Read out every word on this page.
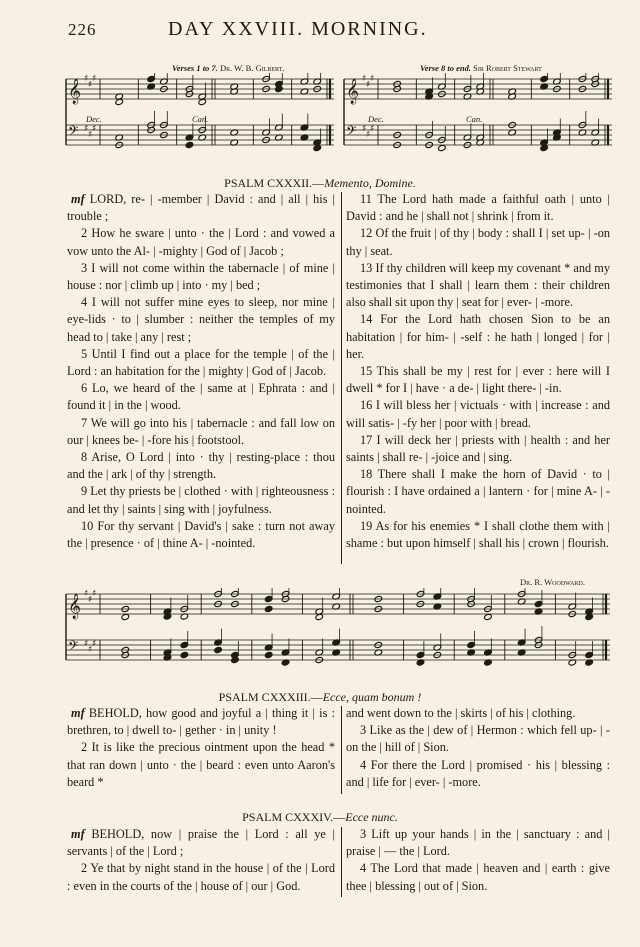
226	DAY XXVIII. MORNING.
Verses 1 to 7. Dr. W. B. Gilbert.
𝄞 ♯
♯
♯
𝄢 ♯
♯
♯
Dec.	Can.
Verse 8 to end. Sir Robert Stewart
𝄞 ♯
♯
♯
𝄢 ♯
♯
♯
Dec.	Can.
PSALM CXXXII.—Memento, Domine.

mf LORD, re- | -member | David : and | all | his | trouble ;

2 How he sware | unto · the | Lord : and vowed a vow unto the Al- | -mighty | God of | Jacob ;

3 I will not come within the tabernacle | of mine | house : nor | climb up | into · my | bed ;

4 I will not suffer mine eyes to sleep, nor mine | eye-lids · to | slumber : neither the temples of my head to | take | any | rest ;

5 Until I find out a place for the temple | of the | Lord : an habitation for the | mighty | God of | Jacob.

6 Lo, we heard of the | same at | Ephrata : and | found it | in the | wood.

7 We will go into his | tabernacle : and fall low on our | knees be- | -fore his | footstool.

8 Arise, O Lord | into · thy | resting-place : thou and the | ark | of thy | strength.

9 Let thy priests be | clothed · with | righteousness : and let thy | saints | sing with | joyfulness.

10 For thy servant | David's | sake : turn not away the | presence · of | thine A- | -nointed.

11 The Lord hath made a faithful oath | unto | David : and he | shall not | shrink | from it.

12 Of the fruit | of thy | body : shall I | set up- | -on thy | seat.

13 If thy children will keep my covenant * and my testimonies that I shall | learn them : their children also shall sit upon thy | seat for | ever- | -more.

14 For the Lord hath chosen Sion to be an habitation | for him- | -self : he hath | longed | for | her.

15 This shall be my | rest for | ever : here will I dwell * for I | have · a de- | light there- | -in.

16 I will bless her | victuals · with | increase : and will satis- | -fy her | poor with | bread.

17 I will deck her | priests with | health : and her saints | shall re- | -joice and | sing.

18 There shall I make the horn of David · to | flourish : I have ordained a | lantern · for | mine A- | -nointed.

19 As for his enemies * I shall clothe them with | shame : but upon himself | shall his | crown | flourish.

Dr. R. Woodward.
𝄞 ♯
♯
♯
𝄢 ♯
♯
♯
PSALM CXXXIII.—Ecce, quam bonum !

mf BEHOLD, how good and joyful a | thing it | is : brethren, to | dwell to- | gether · in | unity !

2 It is like the precious ointment upon the head * that ran down | unto · the | beard : even unto Aaron's beard *

and went down to the | skirts | of his | clothing.

3 Like as the | dew of | Hermon : which fell up- | -on the | hill of | Sion.

4 For there the Lord | promised · his | blessing : and | life for | ever- | -more.

PSALM CXXXIV.—Ecce nunc.

mf BEHOLD, now | praise the | Lord : all ye | servants | of the | Lord ;

2 Ye that by night stand in the house | of the | Lord : even in the courts of the | house of | our | God.

3 Lift up your hands | in the | sanctuary : and | praise | — the | Lord.

4 The Lord that made | heaven and | earth : give thee | blessing | out of | Sion.
